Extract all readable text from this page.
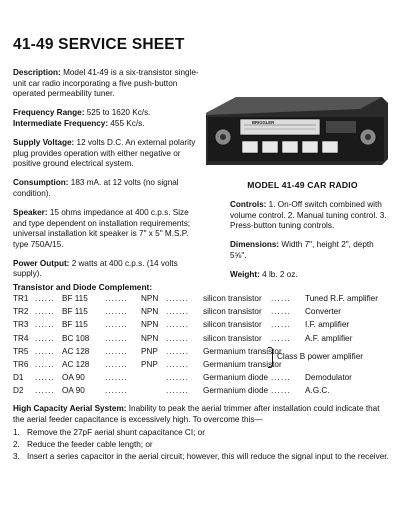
41-49 SERVICE SHEET

Description: Model 41-49 is a six-transistor single-unit car radio incorporating a five push-button operated permeability tuner.

Frequency Range: 525 to 1620 Kc/s.

Intermediate Frequency: 455 Kc/s.

Supply Voltage: 12 volts D.C. An external polarity plug provides operation with either negative or positive ground electrical system.

Consumption: 183 mA. at 12 volts (no signal condition).

Speaker: 15 ohms impedance at 400 c.p.s. Size and type dependent on installation requirements; universal installation kit speaker is 7" x 5" M.S.P. type 750A/15.

Power Output: 2 watts at 400 c.p.s. (14 volts supply).

BRIGGLER
MODEL 41-49 CAR RADIO

Controls: 1. On-Off switch combined with volume control. 2. Manual tuning control. 3. Press-button tuning controls.

Dimensions: Width 7", height 2", depth 5⅝".

Weight: 4 lb. 2 oz.

Transistor and Diode Complement:
TR1 ...... BF 115 ....... NPN ....... silicon transistor ...... Tuned R.F. amplifier
TR2 ...... BF 115 ....... NPN ....... silicon transistor ...... Converter
TR3 ...... BF 115 ....... NPN ....... silicon transistor ...... I.F. amplifier
TR4 ...... BC 108 ....... NPN ....... silicon transistor ...... A.F. amplifier
TR5 ...... AC 128 ....... PNP ....... Germanium transistor
TR6 ...... AC 128 ....... PNP ....... Germanium transistor
D1 ...... OA 90 .......	....... Germanium diode ...... Demodulator
D2 ...... OA 90 .......	....... Germanium diode ...... A.G.C.
Class B power amplifier
High Capacity Aerial System: Inability to peak the aerial trimmer after installation could indicate that the aerial feeder capacitance is excessively high. To overcome this—
1. Remove the 27pF aerial shunt capacitance CI; or
2. Reduce the feeder cable length; or
3. Insert a series capacitor in the aerial circuit; however, this will reduce the signal input to the receiver.
